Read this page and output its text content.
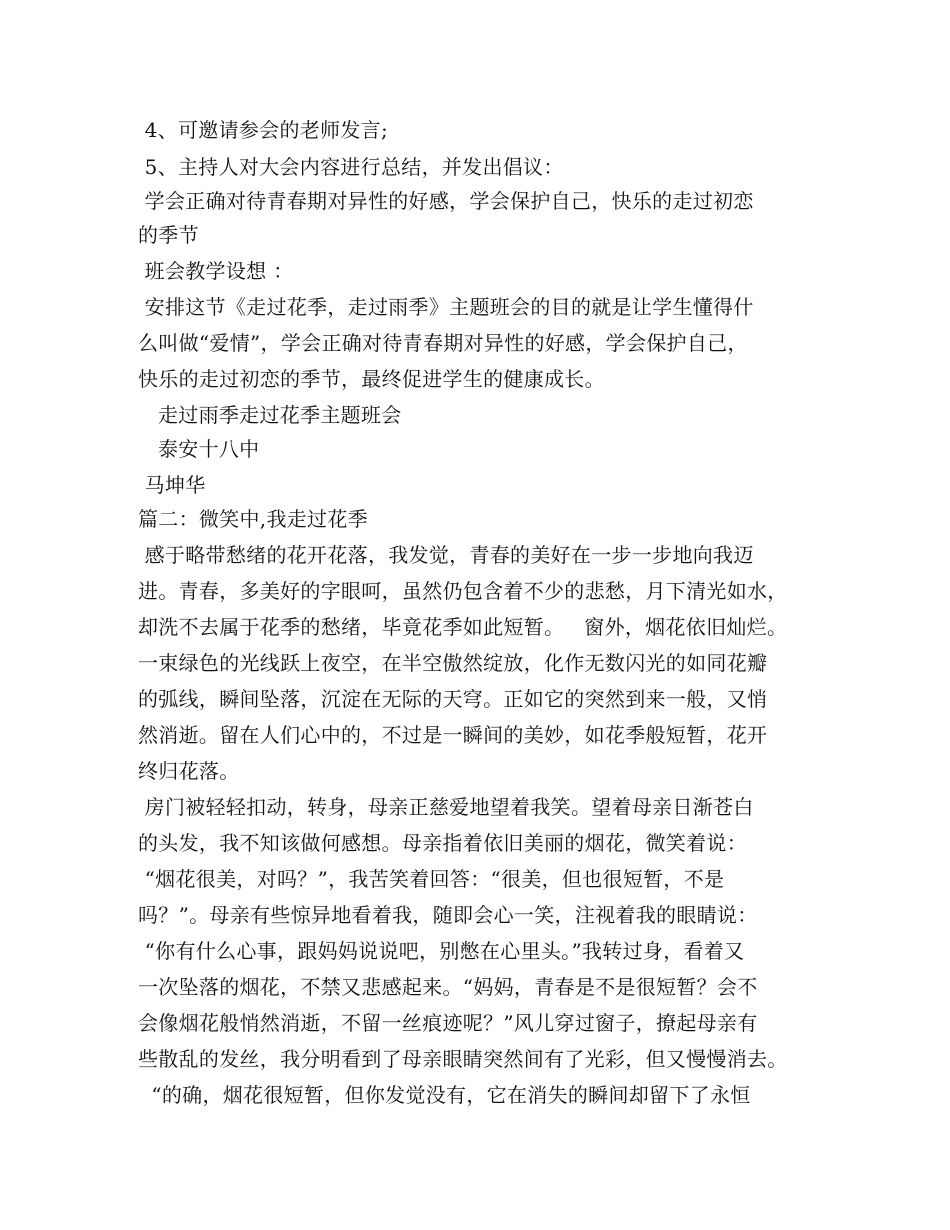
4、可邀请参会的老师发言;
5、主持人对大会内容进行总结，并发出倡议：
学会正确对待青春期对异性的好感，学会保护自己，快乐的走过初恋
的季节
班会教学设想 ：
安排这节《走过花季，走过雨季》主题班会的目的就是让学生懂得什
么叫做“爱情”，学会正确对待青春期对异性的好感，学会保护自己，
快乐的走过初恋的季节，最终促进学生的健康成长。
走过雨季走过花季主题班会
泰安十八中
马坤华
篇二：微笑中,我走过花季
感于略带愁绪的花开花落，我发觉，青春的美好在一步一步地向我迈
进。青春，多美好的字眼呵，虽然仍包含着不少的悲愁，月下清光如水，
却洗不去属于花季的愁绪，毕竟花季如此短暂。   窗外，烟花依旧灿烂。
一束绿色的光线跃上夜空，在半空傲然绽放，化作无数闪光的如同花瓣
的弧线，瞬间坠落，沉淀在无际的天穹。正如它的突然到来一般，又悄
然消逝。留在人们心中的，不过是一瞬间的美妙，如花季般短暂，花开
终归花落。
房门被轻轻扣动，转身，母亲正慈爱地望着我笑。望着母亲日渐苍白
的头发，我不知该做何感想。母亲指着依旧美丽的烟花，微笑着说：
“烟花很美，对吗？”，我苦笑着回答：“很美，但也很短暂，不是
吗？”。母亲有些惊异地看着我，随即会心一笑，注视着我的眼睛说：
“你有什么心事，跟妈妈说说吧，别憋在心里头。”我转过身，看着又
一次坠落的烟花，不禁又悲感起来。“妈妈，青春是不是很短暂？会不
会像烟花般悄然消逝，不留一丝痕迹呢？”风儿穿过窗子，撩起母亲有
些散乱的发丝，我分明看到了母亲眼睛突然间有了光彩，但又慢慢消去。
“的确，烟花很短暂，但你发觉没有，它在消失的瞬间却留下了永恒
